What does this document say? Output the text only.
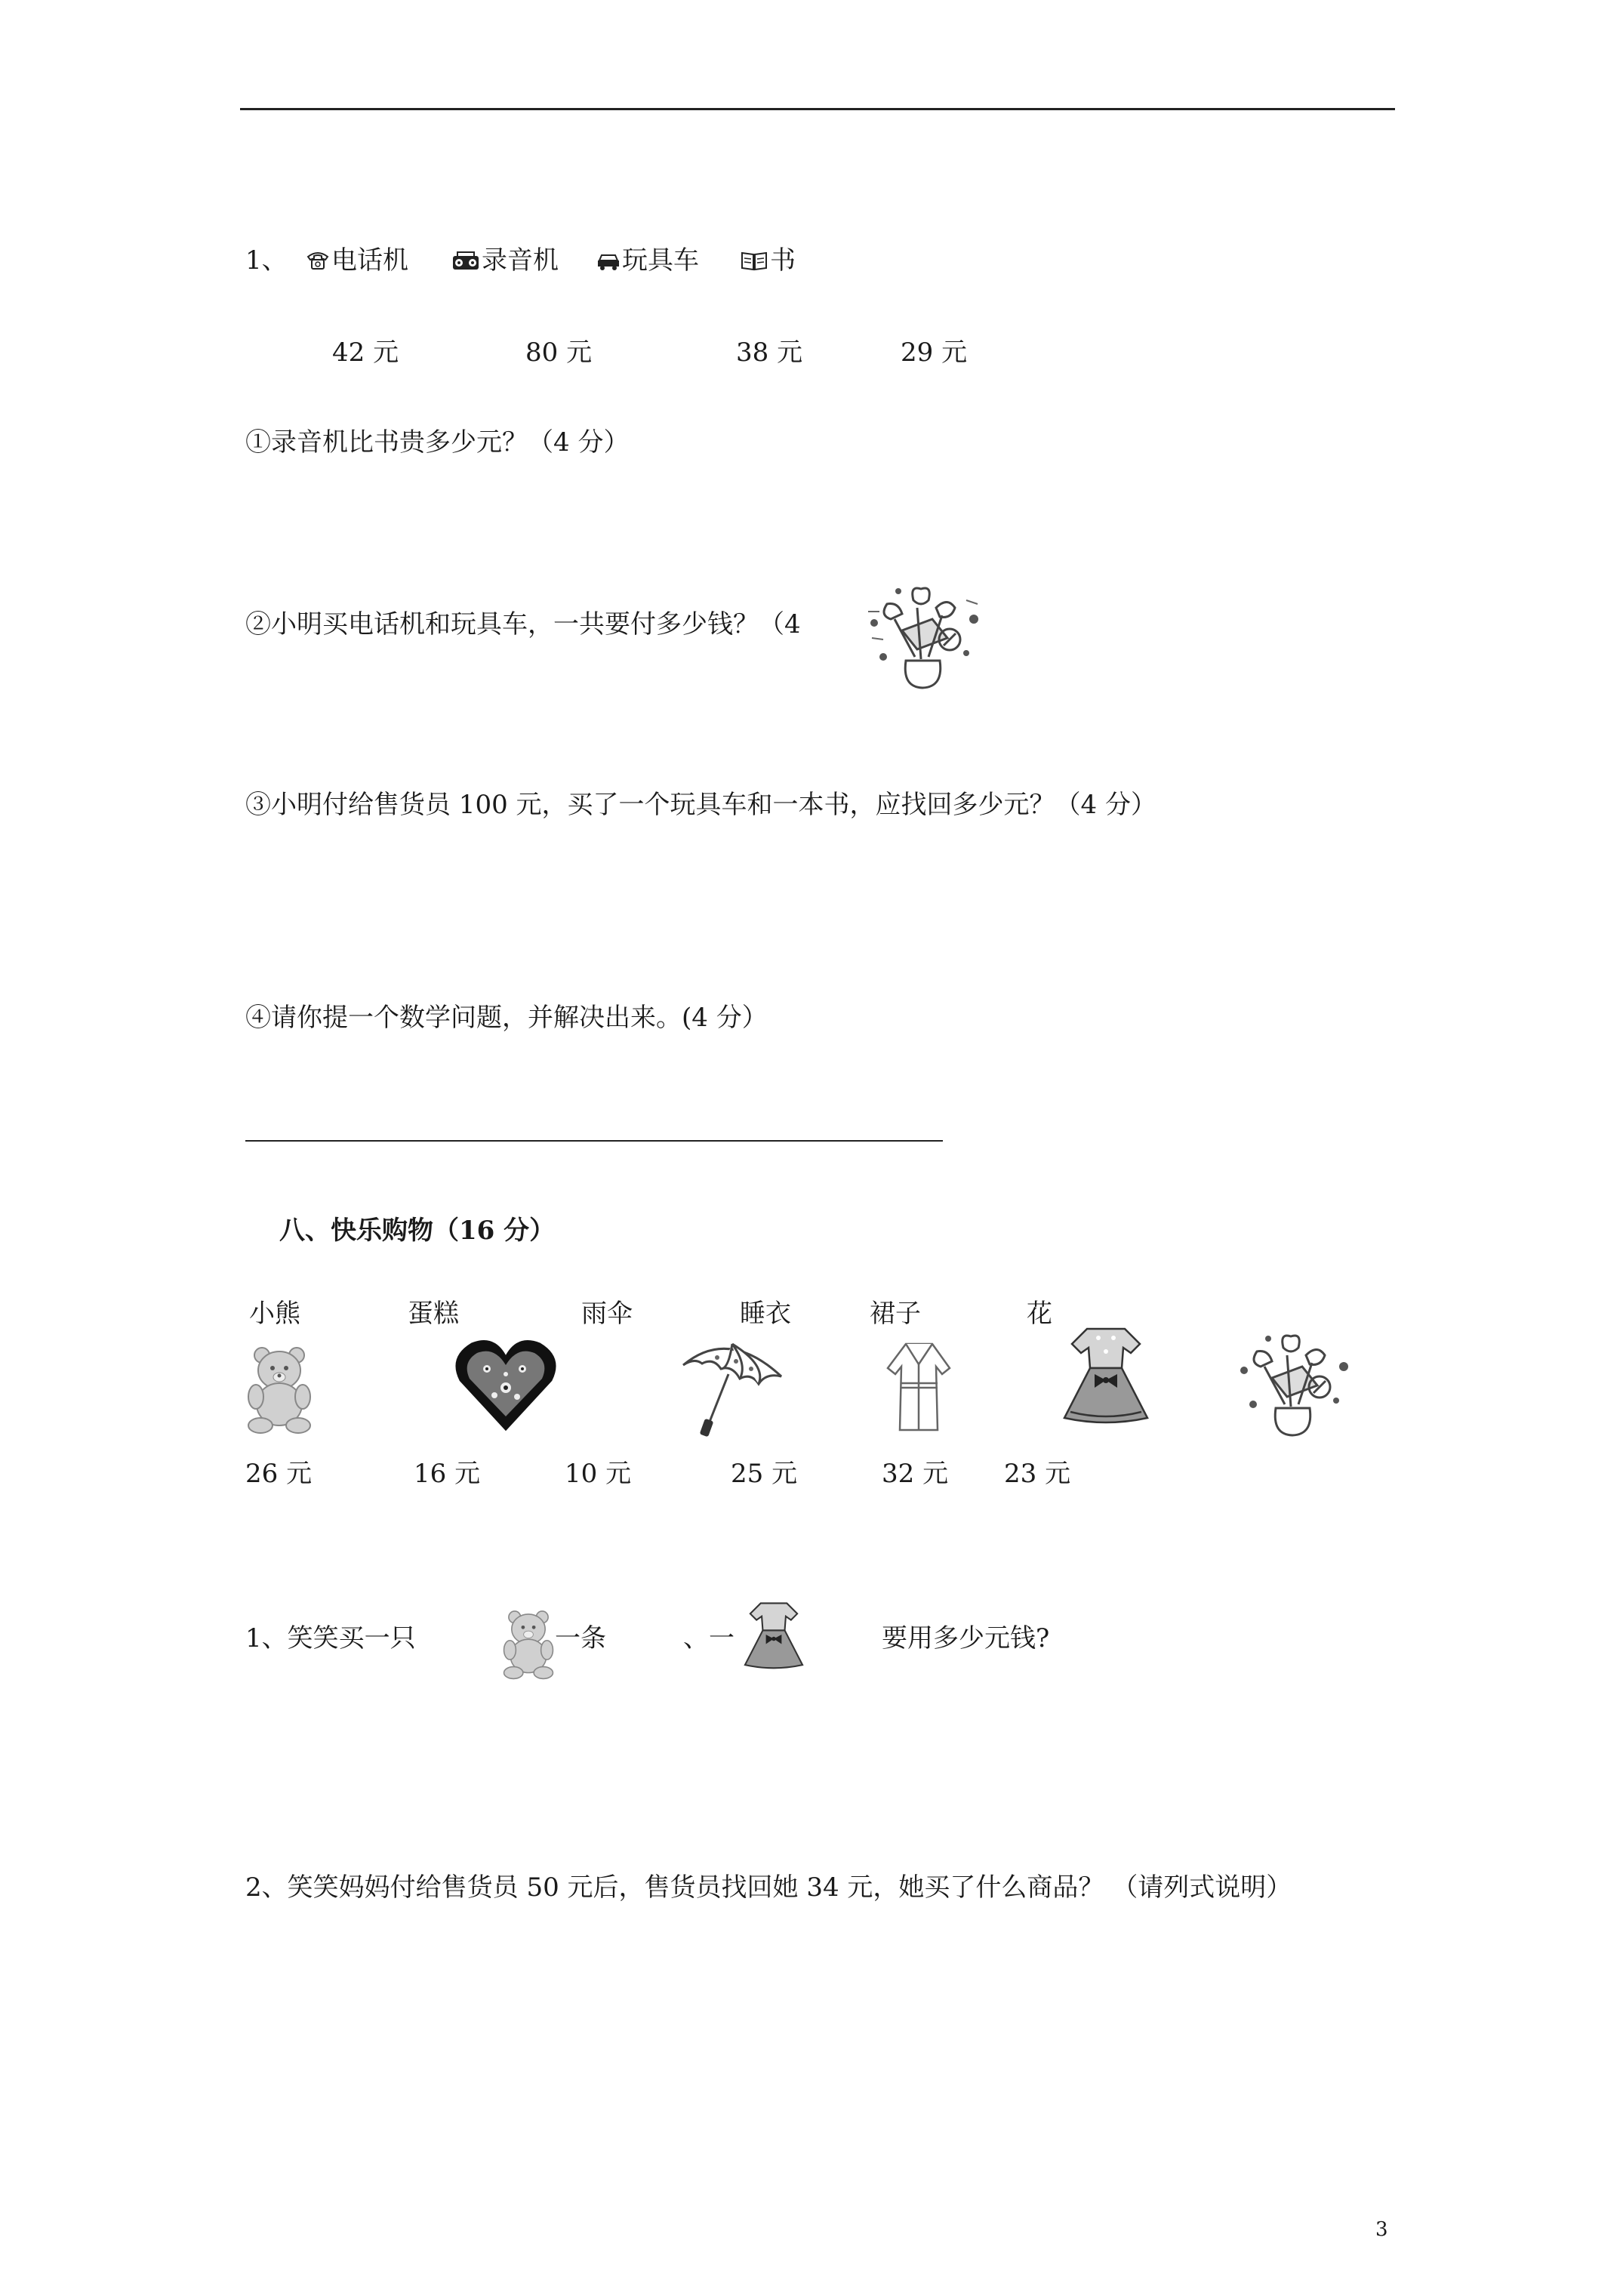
1、	电话机	录音机	玩具车	书
42 元	80 元	38 元	29 元
①录音机比书贵多少元？（4 分）
②小明买电话机和玩具车，一共要付多少钱？（4
③小明付给售货员 100 元，买了一个玩具车和一本书，应找回多少元？（4 分）
④请你提一个数学问题，并解决出来。(4 分）
八、快乐购物（16 分）
小熊	蛋糕	雨伞	睡衣	裙子	花
26 元	16 元	10 元	25 元	32 元 23 元
1、笑笑买一只	一条	、一	要用多少元钱?
2、笑笑妈妈付给售货员 50 元后，售货员找回她 34 元，她买了什么商品？ （请列式说明）
3
